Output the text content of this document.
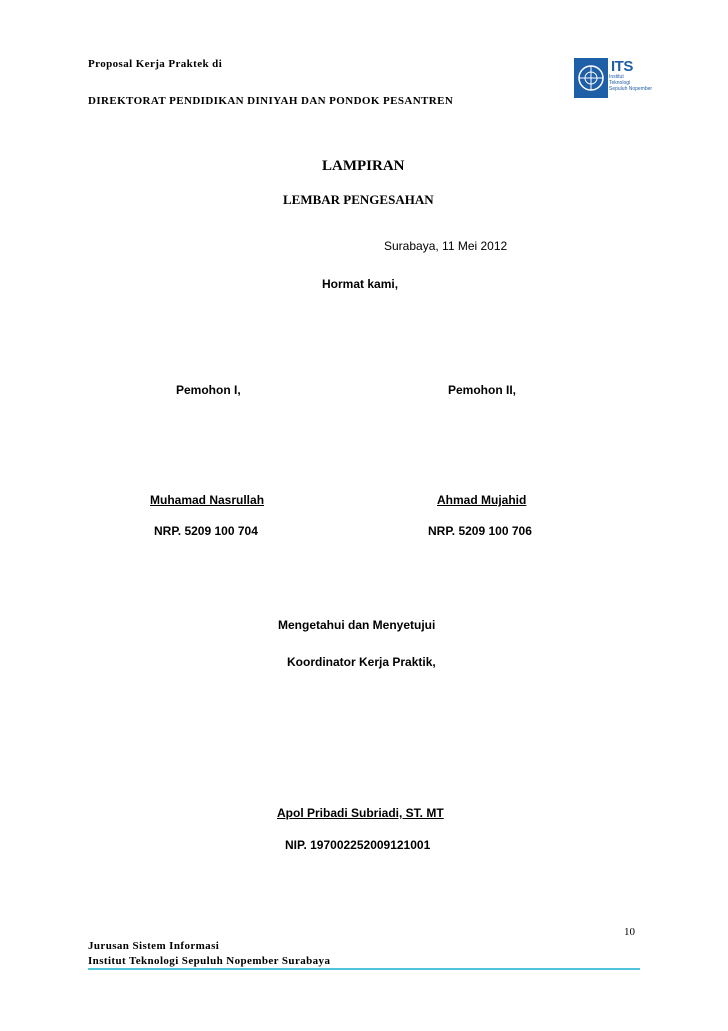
Proposal Kerja Praktek di
DIREKTORAT PENDIDIKAN DINIYAH DAN PONDOK PESANTREN
ITS
Institut
Teknologi
Sepuluh Nopember
LAMPIRAN
LEMBAR PENGESAHAN
Surabaya, 11 Mei 2012
Hormat kami,
Pemohon I,	Pemohon II,
Muhamad Nasrullah	Ahmad Mujahid
NRP. 5209 100 704	NRP. 5209 100 706
Mengetahui dan Menyetujui
Koordinator Kerja Praktik,
Apol Pribadi Subriadi, ST. MT
NIP. 197002252009121001
10
Jurusan Sistem Informasi
Institut Teknologi Sepuluh Nopember Surabaya
